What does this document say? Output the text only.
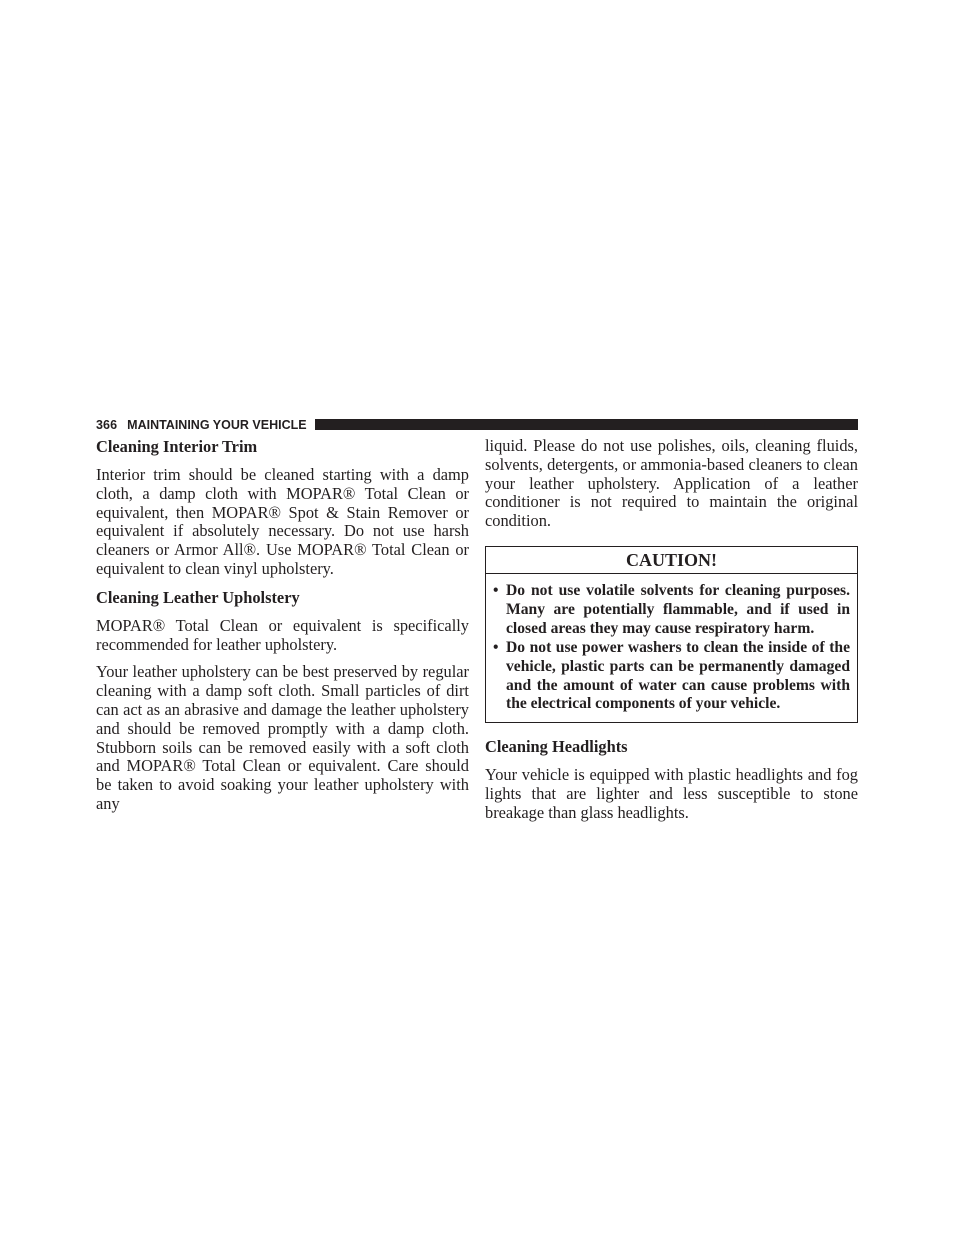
366 MAINTAINING YOUR VEHICLE
Cleaning Interior Trim

Interior trim should be cleaned starting with a damp cloth, a damp cloth with MOPAR® Total Clean or equivalent, then MOPAR® Spot & Stain Remover or equivalent if absolutely necessary. Do not use harsh cleaners or Armor All®. Use MOPAR® Total Clean or equivalent to clean vinyl upholstery.

Cleaning Leather Upholstery

MOPAR® Total Clean or equivalent is specifically recommended for leather upholstery.

Your leather upholstery can be best preserved by regular cleaning with a damp soft cloth. Small particles of dirt can act as an abrasive and damage the leather upholstery and should be removed promptly with a damp cloth. Stubborn soils can be removed easily with a soft cloth and MOPAR® Total Clean or equivalent. Care should be taken to avoid soaking your leather upholstery with any

liquid. Please do not use polishes, oils, cleaning fluids, solvents, detergents, or ammonia-based cleaners to clean your leather upholstery. Application of a leather conditioner is not required to maintain the original condition.

CAUTION!
• Do not use volatile solvents for cleaning purposes. Many are potentially flammable, and if used in closed areas they may cause respiratory harm.
• Do not use power washers to clean the inside of the vehicle, plastic parts can be permanently damaged and the amount of water can cause problems with the electrical components of your vehicle.
Cleaning Headlights

Your vehicle is equipped with plastic headlights and fog lights that are lighter and less susceptible to stone breakage than glass headlights.
